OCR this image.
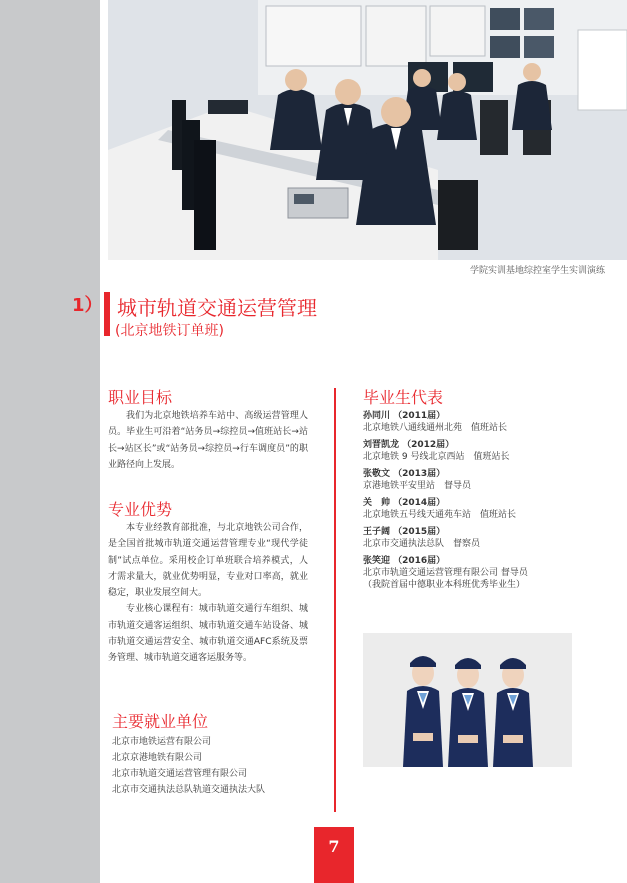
学院实训基地综控室学生实训演练
1） 城市轨道交通运营管理
(北京地铁订单班)
职业目标

我们为北京地铁培养车站中、高级运营管理人员。毕业生可沿着“站务员→综控员→值班站长→站长→站区长”或“站务员→综控员→行车调度员”的职业路径向上发展。

专业优势

本专业经教育部批准，与北京地铁公司合作，是全国首批城市轨道交通运营管理专业“现代学徒制”试点单位。采用校企订单班联合培养模式，人才需求量大，就业优势明显，专业对口率高，就业稳定，职业发展空间大。

专业核心课程有：城市轨道交通行车组织、城市轨道交通客运组织、城市轨道交通车站设备、城市轨道交通运营安全、城市轨道交通AFC系统及票务管理、城市轨道交通客运服务等。

主要就业单位
北京市地铁运营有限公司
北京京港地铁有限公司
北京市轨道交通运营管理有限公司
北京市交通执法总队轨道交通执法大队
毕业生代表
孙同川 （2011届）
北京地铁八通线通州北苑　值班站长
刘晋凯龙 （2012届）
北京地铁 9 号线北京西站　值班站长
张敬文 （2013届）
京港地铁平安里站　督导员
关　帅 （2014届）
北京地铁五号线天通苑车站　值班站长
王子阔 （2015届）
北京市交通执法总队　督察员
张笑迎 （2016届）
北京市轨道交通运营管理有限公司 督导员
（我院首届中德职业本科班优秀毕业生）
7
